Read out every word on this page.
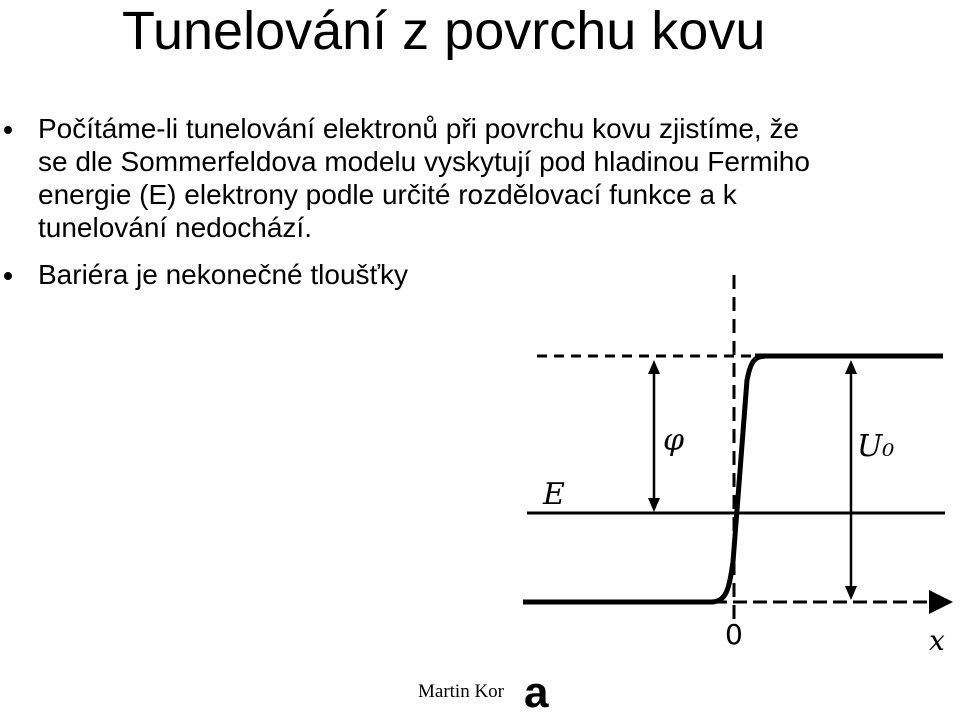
Tunelování z povrchu kovu
Počítáme-li tunelování elektronů při povrchu kovu zjistíme, že
se dle Sommerfeldova modelu vyskytují pod hladinou Fermiho
energie (E) elektrony podle určité rozdělovací funkce a k
tunelování nedochází.
Bariéra je nekonečné tloušťky
φ	U₀
E
0	x
Martin Kor a
